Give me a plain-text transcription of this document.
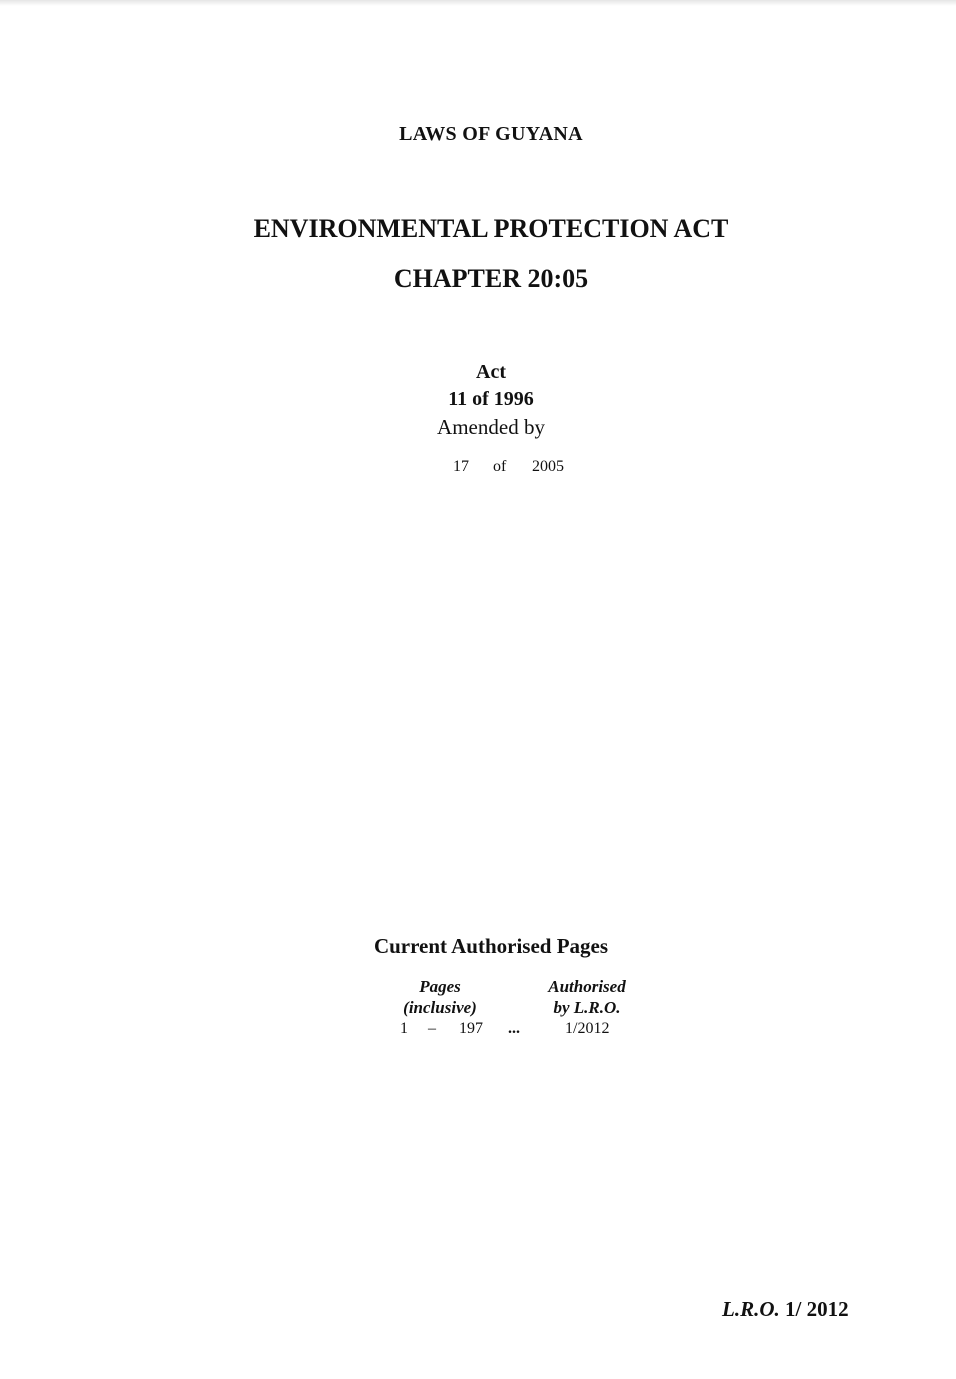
LAWS OF GUYANA
ENVIRONMENTAL PROTECTION ACT
CHAPTER 20:05
Act
11 of 1996
Amended by
17 of 2005
Current Authorised Pages
Pages
(inclusive)
Authorised
by L.R.O.
1 – 197 ...	1/2012
L.R.O. 1/ 2012
